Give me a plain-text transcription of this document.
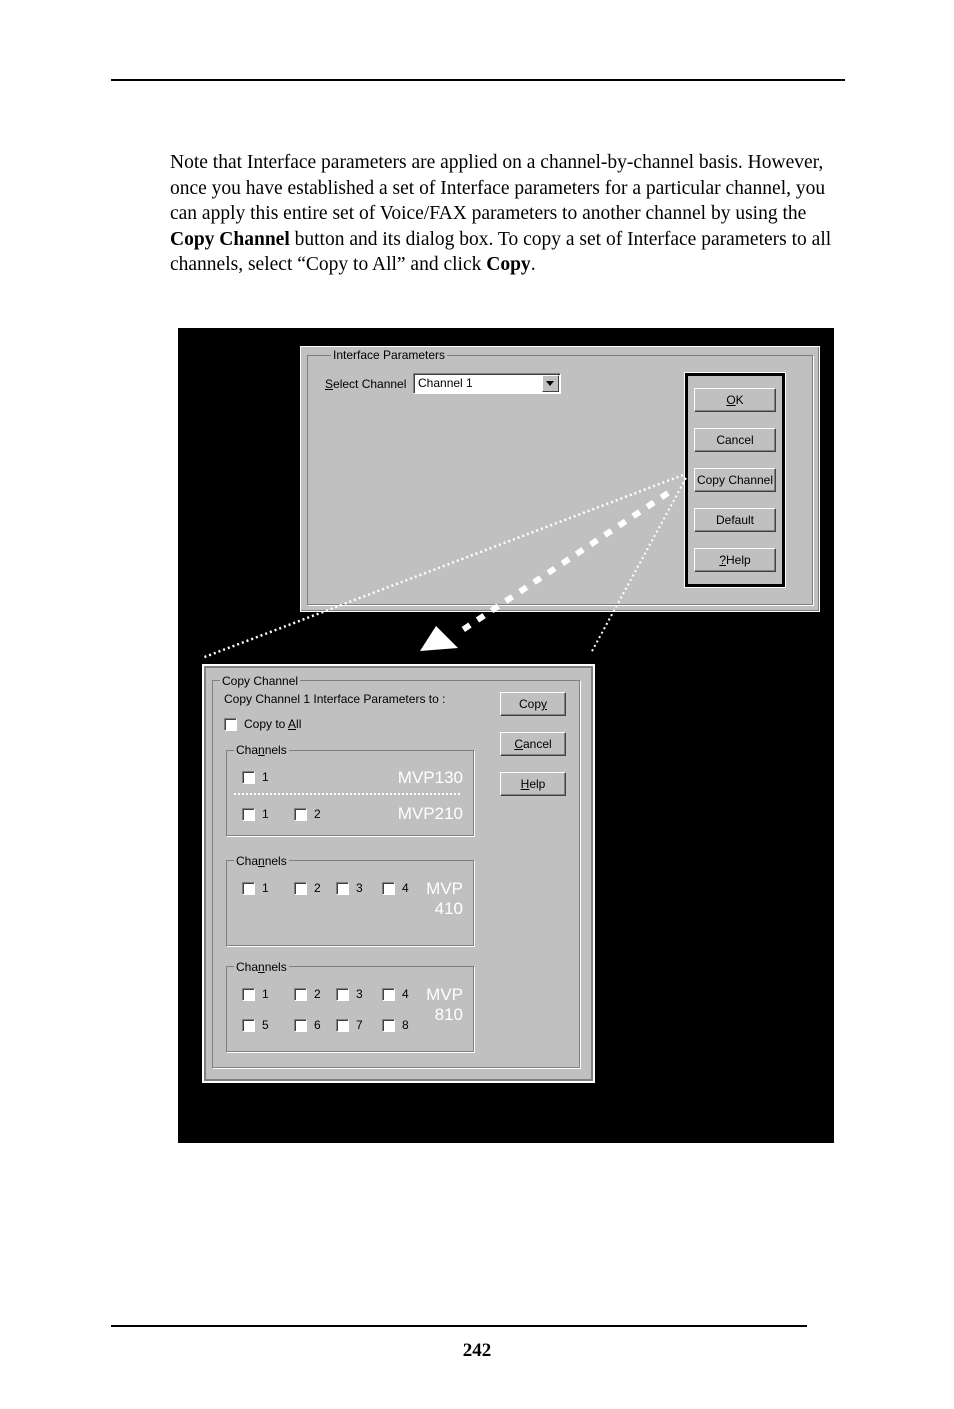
Note that Interface parameters are applied on a channel-by-channel basis. However, once you have established a set of Interface parameters for a particular channel, you can apply this entire set of Voice/FAX parameters to another channel by using the Copy Channel button and its dialog box. To copy a set of Interface parameters to all channels, select “Copy to All” and click Copy.
Interface Parameters
Select Channel Channel 1
OK
Cancel
Copy Channel
Default
?Help
Copy Channel
Copy Channel 1 Interface Parameters to :
Copy to All
Copy
Cancel
Help
Channels
1	MVP130
1	2	MVP210
Channels
1	2	3	4 MVP
410
Channels
1	2	3	4
5	6	7	8
MVP
810
242
